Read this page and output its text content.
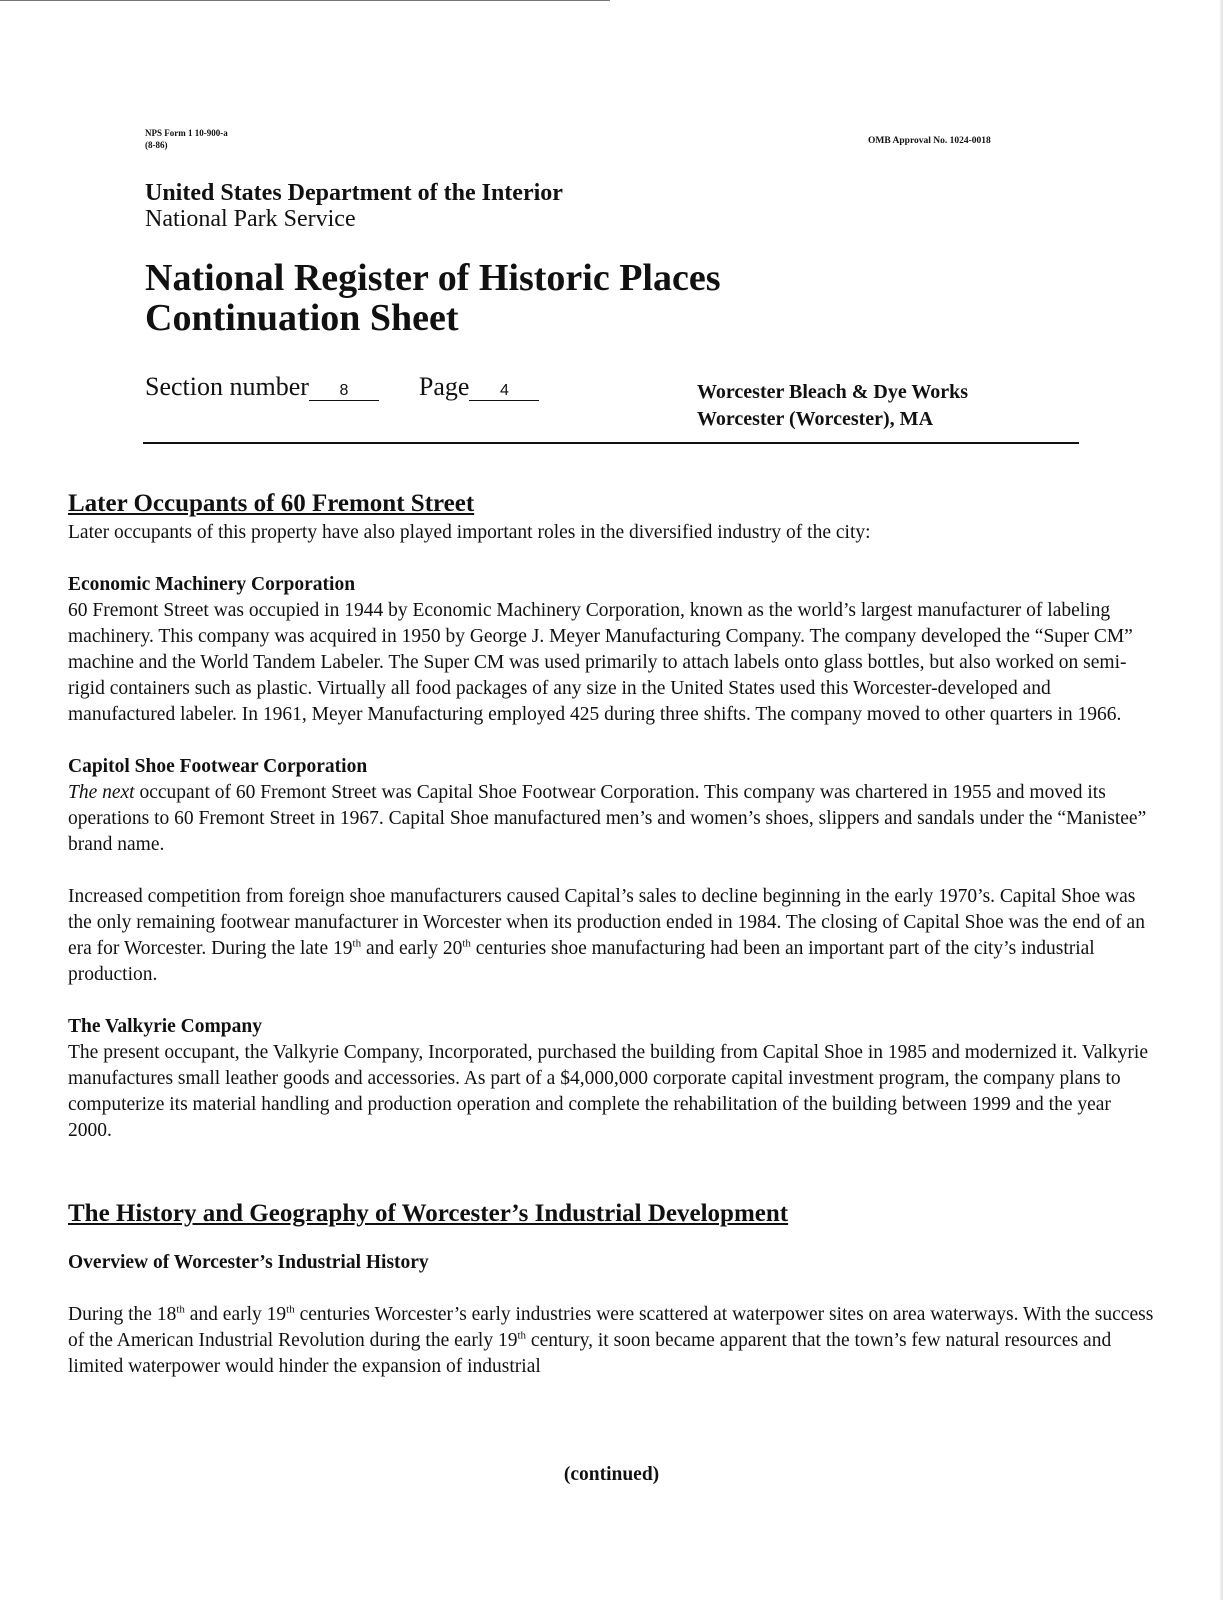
NPS Form 1 10-900-a
(8-86)	OMB Approval No. 1024-0018
United States Department of the Interior
National Park Service
National Register of Historic Places
Continuation Sheet
Section number 8	Page 4	Worcester Bleach & Dye Works
Worcester (Worcester), MA
Later Occupants of 60 Fremont Street

Later occupants of this property have also played important roles in the diversified industry of the city:

Economic Machinery Corporation

60 Fremont Street was occupied in 1944 by Economic Machinery Corporation, known as the world’s largest manufacturer of labeling machinery. This company was acquired in 1950 by George J. Meyer Manufacturing Company. The company developed the “Super CM” machine and the World Tandem Labeler. The Super CM was used primarily to attach labels onto glass bottles, but also worked on semi-rigid containers such as plastic. Virtually all food packages of any size in the United States used this Worcester-developed and manufactured labeler. In 1961, Meyer Manufacturing employed 425 during three shifts. The company moved to other quarters in 1966.

Capitol Shoe Footwear Corporation

The next occupant of 60 Fremont Street was Capital Shoe Footwear Corporation. This company was chartered in 1955 and moved its operations to 60 Fremont Street in 1967. Capital Shoe manufactured men’s and women’s shoes, slippers and sandals under the “Manistee” brand name.

Increased competition from foreign shoe manufacturers caused Capital’s sales to decline beginning in the early 1970’s. Capital Shoe was the only remaining footwear manufacturer in Worcester when its production ended in 1984. The closing of Capital Shoe was the end of an era for Worcester. During the late 19th and early 20th centuries shoe manufacturing had been an important part of the city’s industrial production.

The Valkyrie Company

The present occupant, the Valkyrie Company, Incorporated, purchased the building from Capital Shoe in 1985 and modernized it. Valkyrie manufactures small leather goods and accessories. As part of a $4,000,000 corporate capital investment program, the company plans to computerize its material handling and production operation and complete the rehabilitation of the building between 1999 and the year 2000.

The History and Geography of Worcester’s Industrial Development
Overview of Worcester’s Industrial History

During the 18th and early 19th centuries Worcester’s early industries were scattered at waterpower sites on area waterways. With the success of the American Industrial Revolution during the early 19th century, it soon became apparent that the town’s few natural resources and limited waterpower would hinder the expansion of industrial

(continued)
